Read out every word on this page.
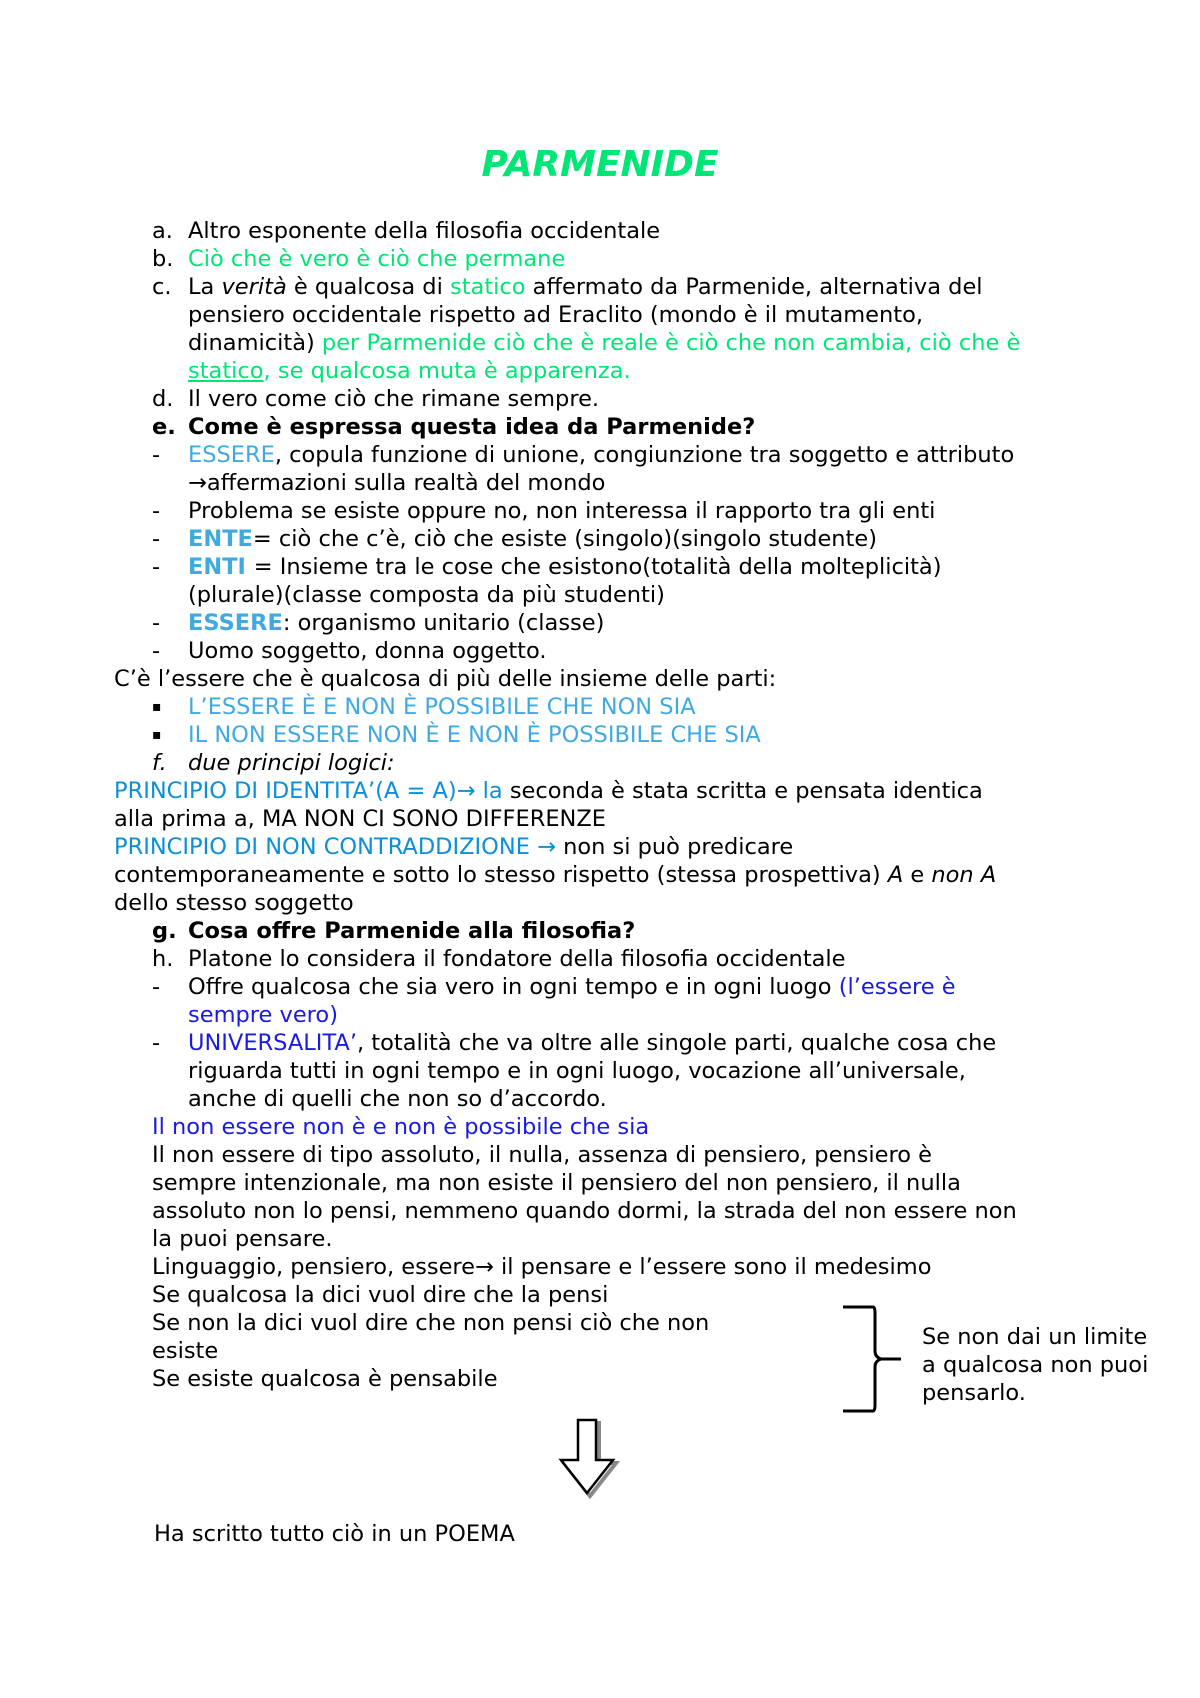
PARMENIDE
a. Altro esponente della filosofia occidentale
b. Ciò che è vero è ciò che permane
c. La verità è qualcosa di statico affermato da Parmenide, alternativa del
pensiero occidentale rispetto ad Eraclito (mondo è il mutamento,
dinamicità) per Parmenide ciò che è reale è ciò che non cambia, ciò che è
statico, se qualcosa muta è apparenza.
d. Il vero come ciò che rimane sempre.
e. Come è espressa questa idea da Parmenide?
- ESSERE, copula funzione di unione, congiunzione tra soggetto e attributo
→affermazioni sulla realtà del mondo
- Problema se esiste oppure no, non interessa il rapporto tra gli enti
- ENTE= ciò che c’è, ciò che esiste (singolo)(singolo studente)
- ENTI = Insieme tra le cose che esistono(totalità della molteplicità)
(plurale)(classe composta da più studenti)
- ESSERE: organismo unitario (classe)
- Uomo soggetto, donna oggetto.
C’è l’essere che è qualcosa di più delle insieme delle parti:
▪ L’ESSERE È E NON È POSSIBILE CHE NON SIA
▪ IL NON ESSERE NON È E NON È POSSIBILE CHE SIA
f. due principi logici:
PRINCIPIO DI IDENTITA’(A = A)→ la seconda è stata scritta e pensata identica
alla prima a, MA NON CI SONO DIFFERENZE
PRINCIPIO DI NON CONTRADDIZIONE → non si può predicare
contemporaneamente e sotto lo stesso rispetto (stessa prospettiva) A e non A
dello stesso soggetto
g. Cosa offre Parmenide alla filosofia?
h. Platone lo considera il fondatore della filosofia occidentale
- Offre qualcosa che sia vero in ogni tempo e in ogni luogo (l’essere è
sempre vero)
- UNIVERSALITA’, totalità che va oltre alle singole parti, qualche cosa che
riguarda tutti in ogni tempo e in ogni luogo, vocazione all’universale,
anche di quelli che non so d’accordo.
Il non essere non è e non è possibile che sia
Il non essere di tipo assoluto, il nulla, assenza di pensiero, pensiero è
sempre intenzionale, ma non esiste il pensiero del non pensiero, il nulla
assoluto non lo pensi, nemmeno quando dormi, la strada del non essere non
la puoi pensare.
Linguaggio, pensiero, essere→ il pensare e l’essere sono il medesimo
Se qualcosa la dici vuol dire che la pensi
Se non la dici vuol dire che non pensi ciò che non
esiste
Se esiste qualcosa è pensabile
Se non dai un limite
a qualcosa non puoi
pensarlo.
Ha scritto tutto ciò in un POEMA
